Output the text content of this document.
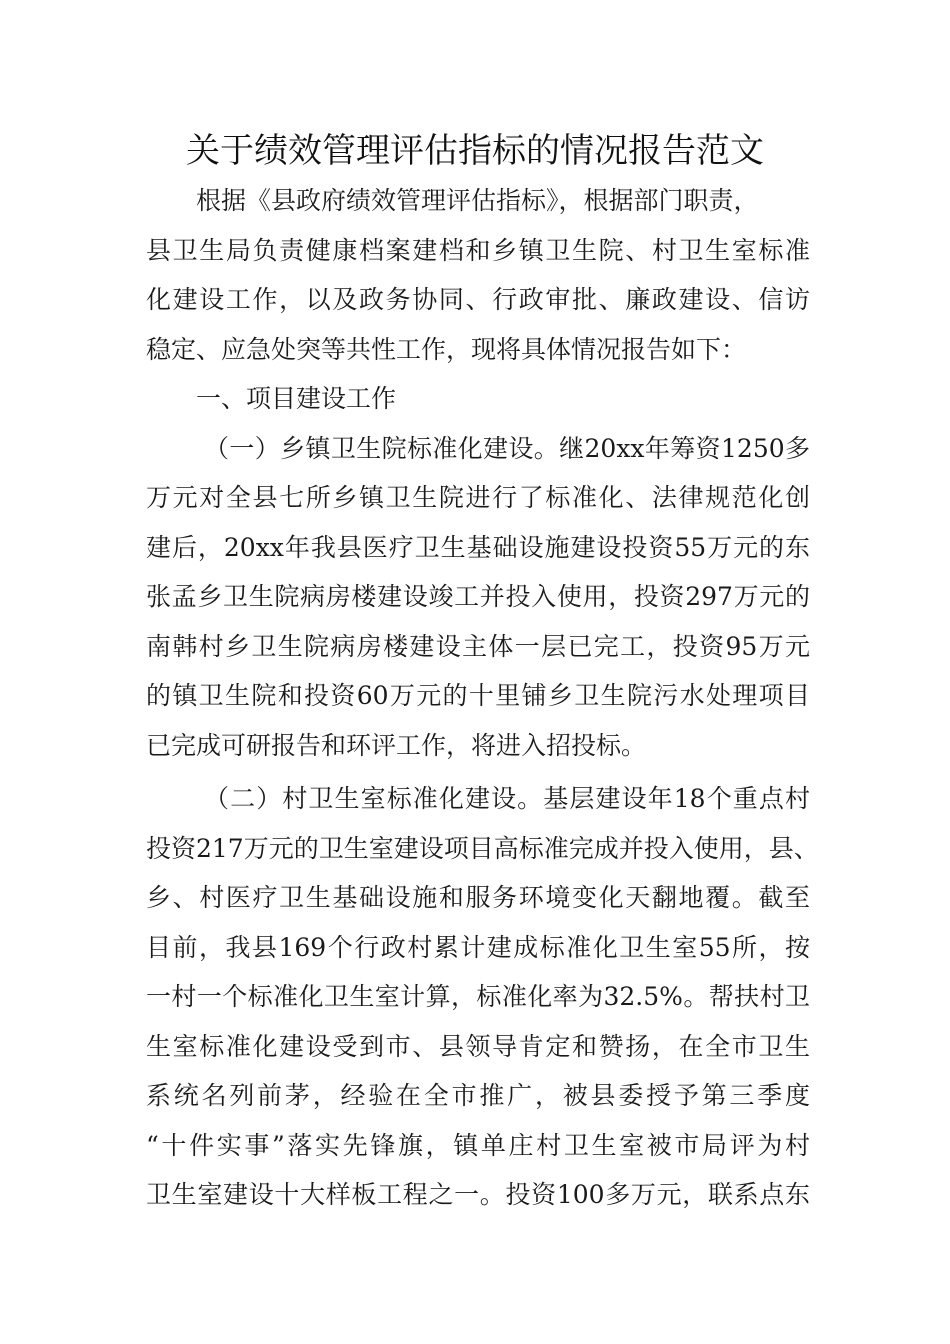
关于绩效管理评估指标的情况报告范文
根据《县政府绩效管理评估指标》，根据部门职责，
县卫生局负责健康档案建档和乡镇卫生院、村卫生室标准
化建设工作，以及政务协同、行政审批、廉政建设、信访
稳定、应急处突等共性工作，现将具体情况报告如下：
一、项目建设工作
（一）乡镇卫生院标准化建设。继20xx年筹资1250多
万元对全县七所乡镇卫生院进行了标准化、法律规范化创
建后，20xx年我县医疗卫生基础设施建设投资55万元的东
张孟乡卫生院病房楼建设竣工并投入使用，投资297万元的
南韩村乡卫生院病房楼建设主体一层已完工，投资95万元
的镇卫生院和投资60万元的十里铺乡卫生院污水处理项目
已完成可研报告和环评工作，将进入招投标。
（二）村卫生室标准化建设。基层建设年18个重点村
投资217万元的卫生室建设项目高标准完成并投入使用，县、
乡、村医疗卫生基础设施和服务环境变化天翻地覆。截至
目前，我县169个行政村累计建成标准化卫生室55所，按
一村一个标准化卫生室计算，标准化率为32.5%。帮扶村卫
生室标准化建设受到市、县领导肯定和赞扬，在全市卫生
系统名列前茅，经验在全市推广，被县委授予第三季度
“十件实事”落实先锋旗，镇单庄村卫生室被市局评为村
卫生室建设十大样板工程之一。投资100多万元，联系点东
